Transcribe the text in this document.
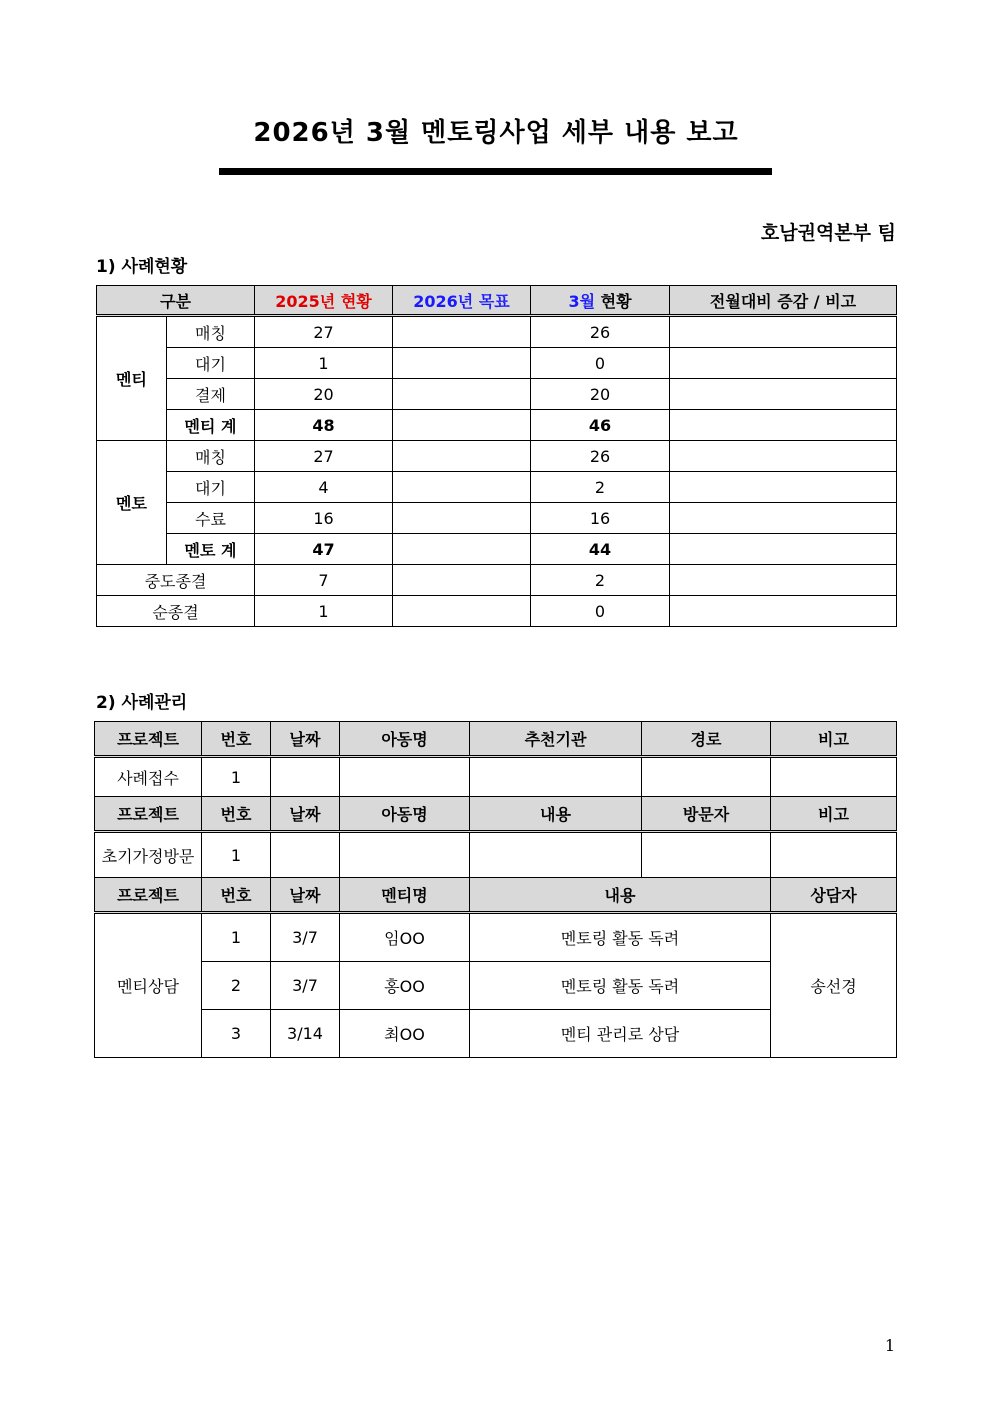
2026년 3월 멘토링사업 세부 내용 보고
호남권역본부 팀
1) 사례현황
구분		2025년 현황	2026년 목표	3월 현황	전월대비 증감 / 비고
멘티	매칭	27		26	
	대기	1		0	
	결제	20		20	
	멘티 계	48		46	
멘토	매칭	27		26	
	대기	4		2	
	수료	16		16	
	멘토 계	47		44	
중도종결		7		2	
순종결		1		0	
2) 사례관리
프로젝트	번호	날짜	아동명	추천기관	경로	비고
사례접수	1					
프로젝트	번호	날짜	아동명	내용	방문자	비고
초기가정방문	1					
프로젝트	번호	날짜	멘티명	내용		상담자
멘티상담	1	3/7	임OO	멘토링 활동 독려		송선경
	2	3/7	홍OO	멘토링 활동 독려		
	3	3/14	최OO	멘티 관리로 상담		
1
